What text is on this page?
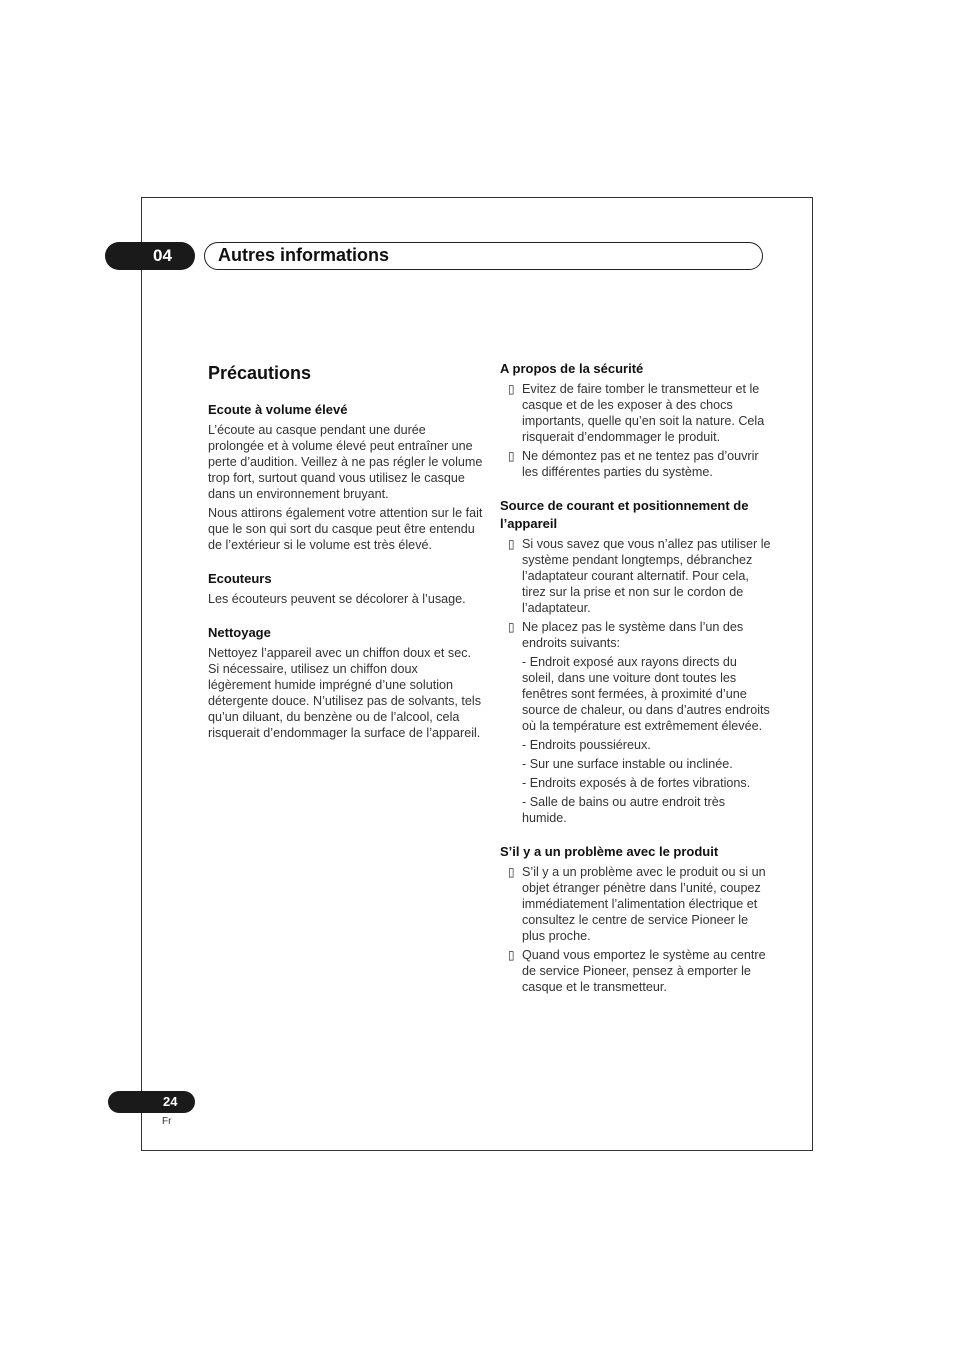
04	Autres informations
Précautions
Ecoute à volume élevé
L’écoute au casque pendant une durée prolongée et à volume élevé peut entraîner une perte d’audition. Veillez à ne pas régler le volume trop fort, surtout quand vous utilisez le casque dans un environnement bruyant.
Nous attirons également votre attention sur le fait que le son qui sort du casque peut être entendu de l’extérieur si le volume est très élevé.
Ecouteurs
Les écouteurs peuvent se décolorer à l’usage.
Nettoyage
Nettoyez l’appareil avec un chiffon doux et sec. Si nécessaire, utilisez un chiffon doux légèrement humide imprégné d’une solution détergente douce. N’utilisez pas de solvants, tels qu’un diluant, du benzène ou de l’alcool, cela risquerait d’endommager la surface de l’appareil.
A propos de la sécurité
▯ Evitez de faire tomber le transmetteur et le casque et de les exposer à des chocs importants, quelle qu’en soit la nature. Cela risquerait d’endommager le produit.
▯ Ne démontez pas et ne tentez pas d’ouvrir les différentes parties du système.
Source de courant et positionnement de l’appareil
▯ Si vous savez que vous n’allez pas utiliser le système pendant longtemps, débranchez l’adaptateur courant alternatif. Pour cela, tirez sur la prise et non sur le cordon de l’adaptateur.
▯ Ne placez pas le système dans l’un des endroits suivants:
- Endroit exposé aux rayons directs du soleil, dans une voiture dont toutes les fenêtres sont fermées, à proximité d’une source de chaleur, ou dans d’autres endroits où la température est extrêmement élevée.
- Endroits poussiéreux.
- Sur une surface instable ou inclinée.
- Endroits exposés à de fortes vibrations.
- Salle de bains ou autre endroit très humide.
S’il y a un problème avec le produit
▯ S’il y a un problème avec le produit ou si un objet étranger pénètre dans l’unité, coupez immédiatement l’alimentation électrique et consultez le centre de service Pioneer le plus proche.
▯ Quand vous emportez le système au centre de service Pioneer, pensez à emporter le casque et le transmetteur.
24
Fr
